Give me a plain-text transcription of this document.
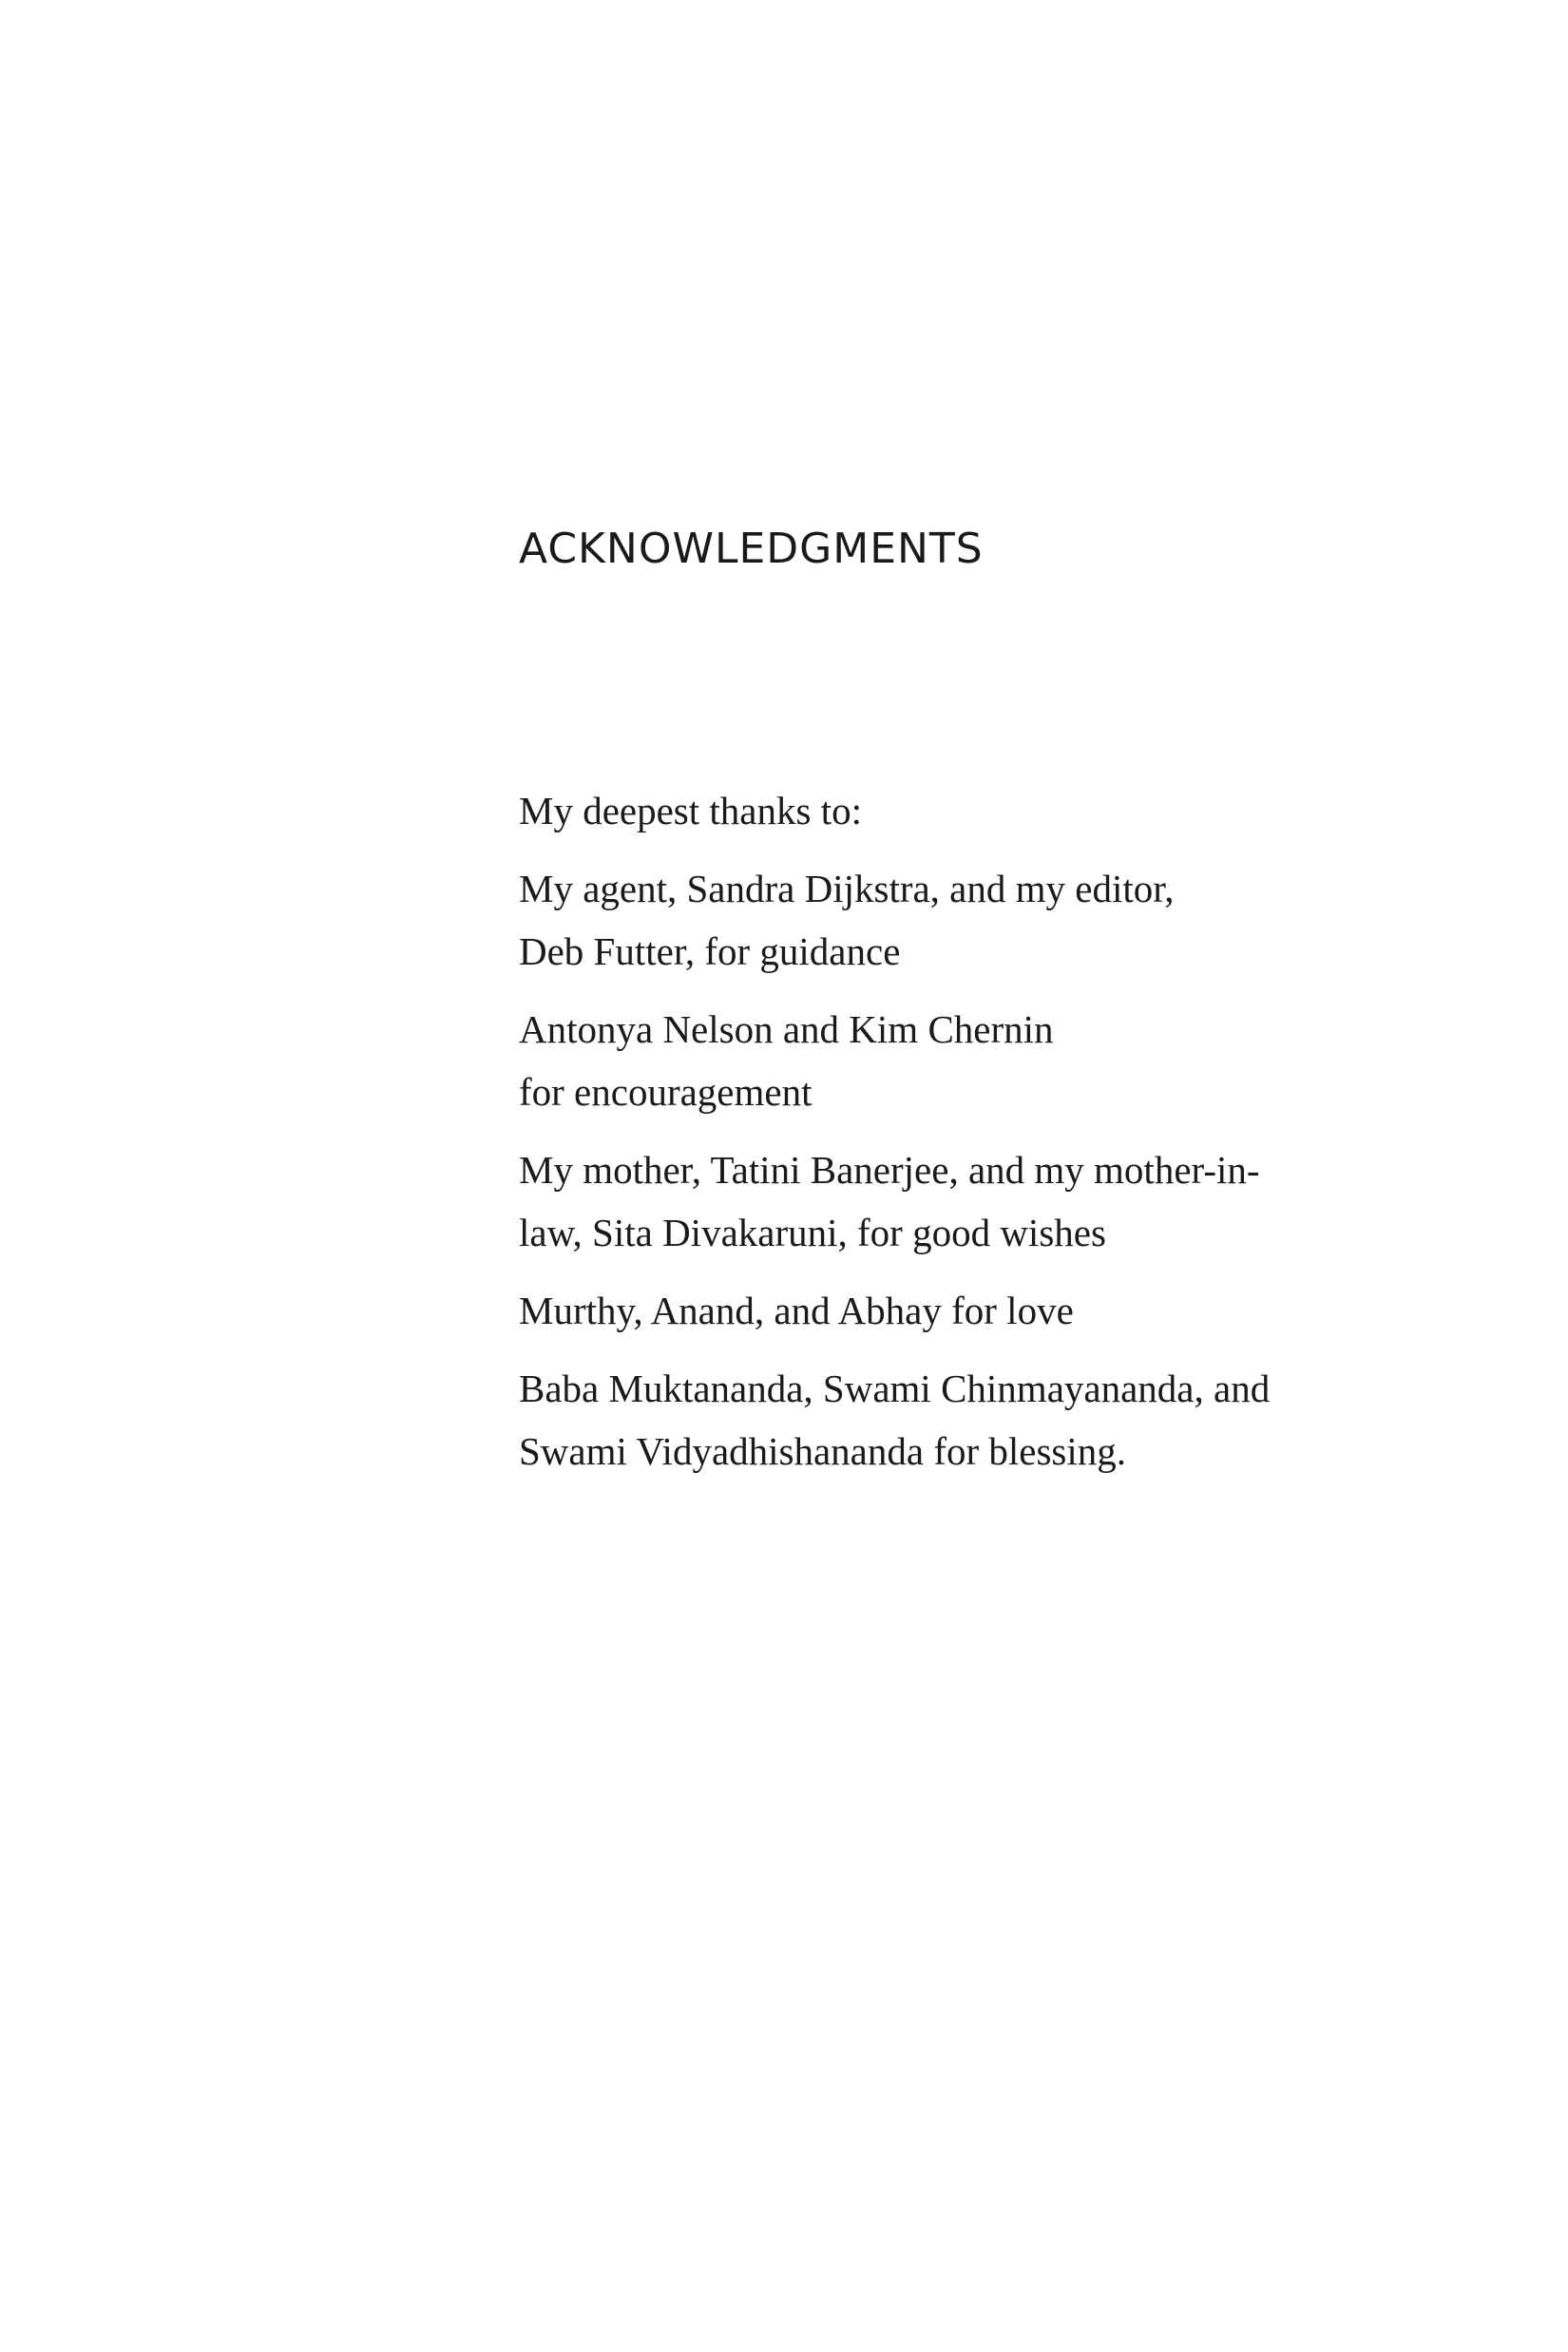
ACKNOWLEDGMENTS

My deepest thanks to:

My agent, Sandra Dijkstra, and my editor,
Deb Futter, for guidance

Antonya Nelson and Kim Chernin
for encouragement

My mother, Tatini Banerjee, and my mother-in-
law, Sita Divakaruni, for good wishes

Murthy, Anand, and Abhay for love

Baba Muktananda, Swami Chinmayananda, and
Swami Vidyadhishananda for blessing.
